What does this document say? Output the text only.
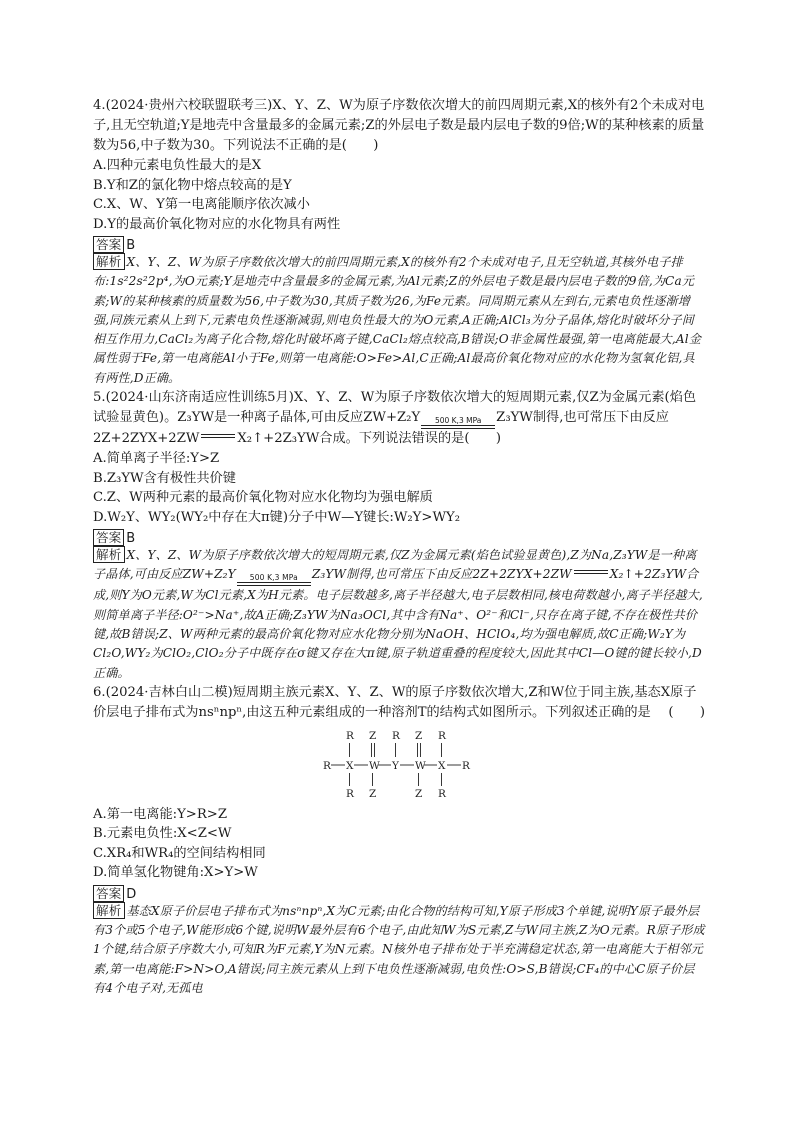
4.(2024·贵州六校联盟联考三)X、Y、Z、W为原子序数依次增大的前四周期元素,X的核外有2个未成对电子,且无空轨道;Y是地壳中含量最多的金属元素;Z的外层电子数是最内层电子数的9倍;W的某种核素的质量数为56,中子数为30。下列说法不正确的是(　　)

A.四种元素电负性最大的是X

B.Y和Z的氯化物中熔点较高的是Y

C.X、W、Y第一电离能顺序依次减小

D.Y的最高价氧化物对应的水化物具有两性

答案 B

解析 X、Y、Z、W为原子序数依次增大的前四周期元素,X的核外有2个未成对电子,且无空轨道,其核外电子排布:1s²2s²2p⁴,为O元素;Y是地壳中含量最多的金属元素,为Al元素;Z的外层电子数是最内层电子数的9倍,为Ca元素;W的某种核素的质量数为56,中子数为30,其质子数为26,为Fe元素。同周期元素从左到右,元素电负性逐渐增强,同族元素从上到下,元素电负性逐渐减弱,则电负性最大的为O元素,A正确;AlCl₃为分子晶体,熔化时破坏分子间相互作用力,CaCl₂为离子化合物,熔化时破坏离子键,CaCl₂熔点较高,B错误;O非金属性最强,第一电离能最大,Al金属性弱于Fe,第一电离能Al小于Fe,则第一电离能:O>Fe>Al,C正确;Al最高价氧化物对应的水化物为氢氧化铝,具有两性,D正确。

5.(2024·山东济南适应性训练5月)X、Y、Z、W为原子序数依次增大的短周期元素,仅Z为金属元素(焰色试验显黄色)。Z₃YW是一种离子晶体,可由反应ZW+Z₂Y 500 K,3 MPa Z₃YW制得,也可常压下由反应2Z+2ZYX+2ZW	X₂↑+2Z₃YW合成。下列说法错误的是(　　)

A.简单离子半径:Y>Z

B.Z₃YW含有极性共价键

C.Z、W两种元素的最高价氧化物对应水化物均为强电解质

D.W₂Y、WY₂(WY₂中存在大π键)分子中W—Y键长:W₂Y>WY₂

答案 B

解析 X、Y、Z、W为原子序数依次增大的短周期元素,仅Z为金属元素(焰色试验显黄色),Z为Na,Z₃YW是一种离子晶体,可由反应ZW+Z₂Y 500 K,3 MPa Z₃YW制得,也可常压下由反应2Z+2ZYX+2ZW	X₂↑+2Z₃YW合成,则Y为O元素,W为Cl元素,X为H元素。电子层数越多,离子半径越大,电子层数相同,核电荷数越小,离子半径越大,则简单离子半径:O²⁻>Na⁺,故A正确;Z₃YW为Na₃OCl,其中含有Na⁺、O²⁻和Cl⁻,只存在离子键,不存在极性共价键,故B错误;Z、W两种元素的最高价氧化物对应水化物分别为NaOH、HClO₄,均为强电解质,故C正确;W₂Y为Cl₂O,WY₂为ClO₂,ClO₂分子中既存在σ键又存在大π键,原子轨道重叠的程度较大,因此其中Cl—O键的键长较小,D正确。

6.(2024·吉林白山二模)短周期主族元素X、Y、Z、W的原子序数依次增大,Z和W位于同主族,基态X原子价层电子排布式为nsⁿnpⁿ,由这五种元素组成的一种溶剂T的结构式如图所示。下列叙述正确的是 (　　)

R X W Y W X R
R Z R Z R
R Z	Z R

A.第一电离能:Y>R>Z

B.元素电负性:X<Z<W

C.XR₄和WR₄的空间结构相同

D.简单氢化物键角:X>Y>W

答案 D

解析 基态X原子价层电子排布式为nsⁿnpⁿ,X为C元素;由化合物的结构可知,Y原子形成3个单键,说明Y原子最外层有3个或5个电子,W能形成6个键,说明W最外层有6个电子,由此知W为S元素,Z与W同主族,Z为O元素。R原子形成1个键,结合原子序数大小,可知R为F元素,Y为N元素。N核外电子排布处于半充满稳定状态,第一电离能大于相邻元素,第一电离能:F>N>O,A错误;同主族元素从上到下电负性逐渐减弱,电负性:O>S,B错误;CF₄的中心C原子价层有4个电子对,无孤电
